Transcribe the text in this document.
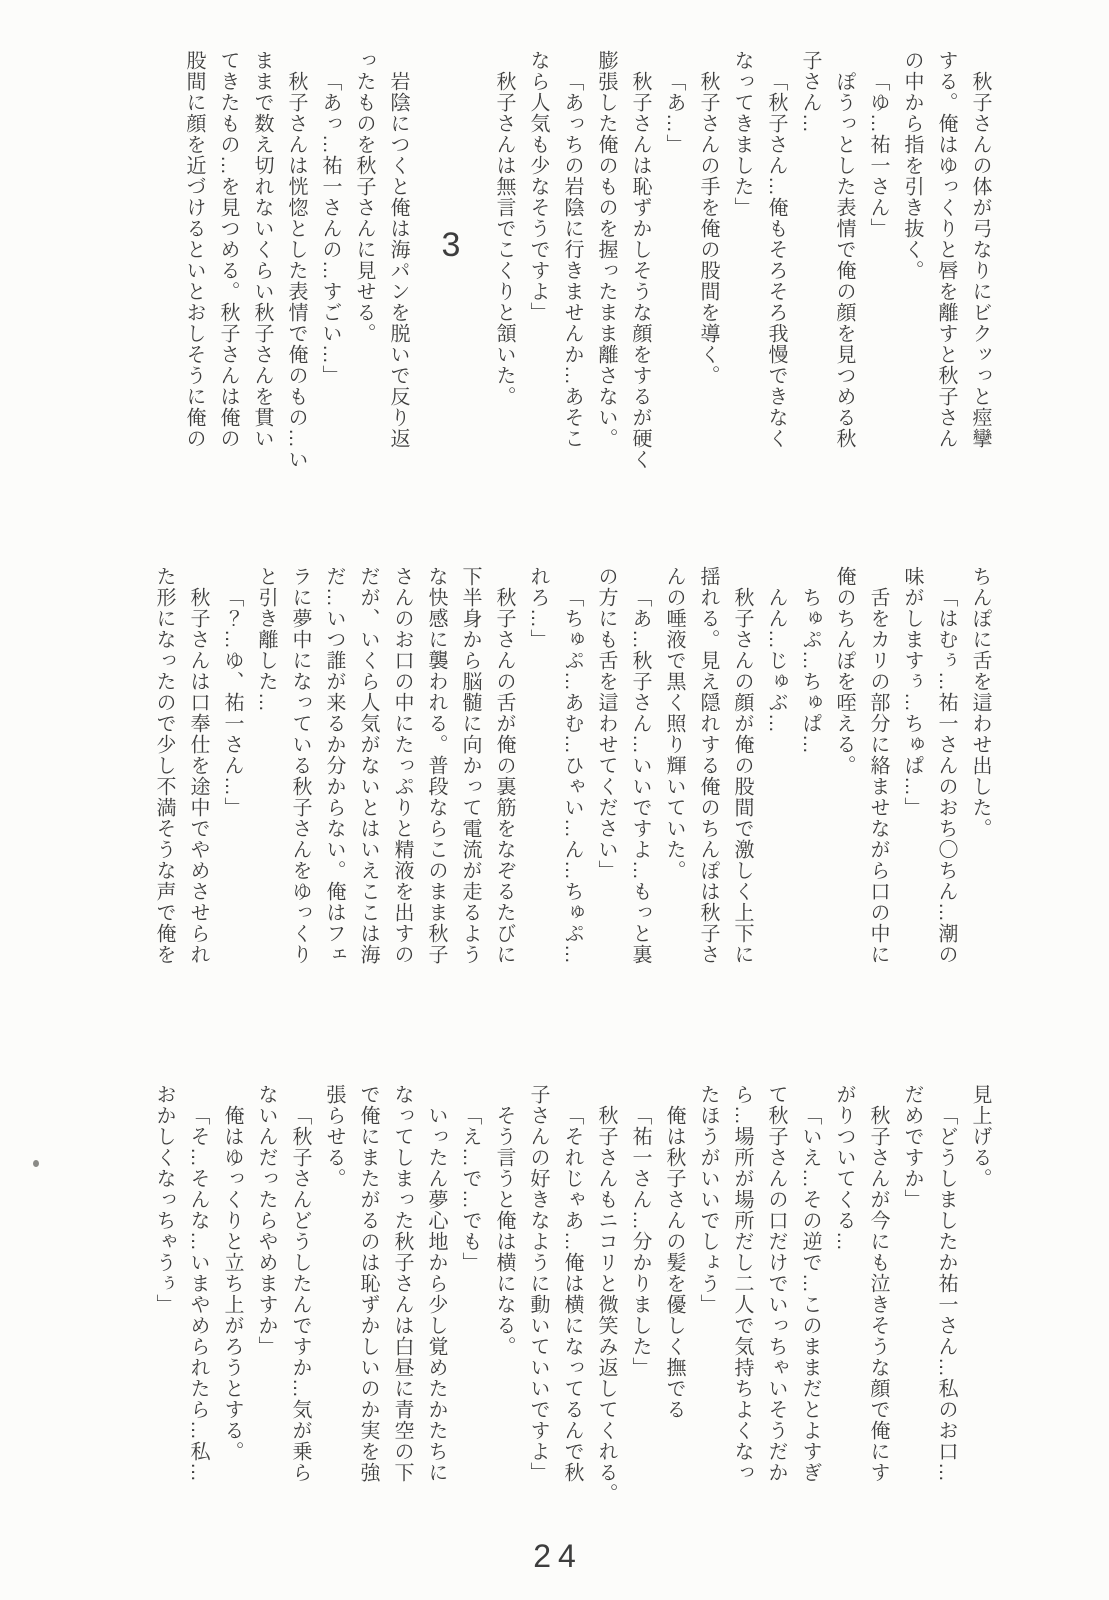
秋子さんの体が弓なりにビクッっと痙攣
する。俺はゆっくりと唇を離すと秋子さん
の中から指を引き抜く。
「ゆ…祐一さん」
ぽうっとした表情で俺の顔を見つめる秋
子さん…
「秋子さん…俺もそろそろ我慢できなく
なってきました」
秋子さんの手を俺の股間を導く。
「あ…」
秋子さんは恥ずかしそうな顔をするが硬く
膨張した俺のものを握ったまま離さない。
「あっちの岩陰に行きませんか…あそこ
なら人気も少なそうですよ」
秋子さんは無言でこくりと頷いた。
3
岩陰につくと俺は海パンを脱いで反り返
ったものを秋子さんに見せる。
「あっ…祐一さんの…すごい…」
秋子さんは恍惚とした表情で俺のもの…い
ままで数え切れないくらい秋子さんを貫い
てきたもの…を見つめる。秋子さんは俺の
股間に顔を近づけるといとおしそうに俺の
ちんぽに舌を這わせ出した。
「はむぅ…祐一さんのおち〇ちん…潮の
味がしますぅ…ちゅぱ…」
舌をカリの部分に絡ませながら口の中に
俺のちんぽを咥える。
ちゅぷ…ちゅぱ…
んん…じゅぶ…
秋子さんの顔が俺の股間で激しく上下に
揺れる。見え隠れする俺のちんぽは秋子さ
んの唾液で黒く照り輝いていた。
「あ…秋子さん…いいですよ…もっと裏
の方にも舌を這わせてください」
「ちゅぷ…あむ…ひゃい…ん…ちゅぷ…
れろ…」
秋子さんの舌が俺の裏筋をなぞるたびに
下半身から脳髄に向かって電流が走るよう
な快感に襲われる。普段ならこのまま秋子
さんのお口の中にたっぷりと精液を出すの
だが、いくら人気がないとはいえここは海
だ…いつ誰が来るか分からない。俺はフェ
ラに夢中になっている秋子さんをゆっくり
と引き離した…
「？…ゆ、祐一さん…」
秋子さんは口奉仕を途中でやめさせられ
た形になったので少し不満そうな声で俺を
見上げる。
「どうしましたか祐一さん…私のお口…
だめですか」
秋子さんが今にも泣きそうな顔で俺にす
がりついてくる…
「いえ…その逆で…このままだとよすぎ
て秋子さんの口だけでいっちゃいそうだか
ら…場所が場所だし二人で気持ちよくなっ
たほうがいいでしょう」
俺は秋子さんの髪を優しく撫でる
「祐一さん…分かりました」
秋子さんもニコリと微笑み返してくれる。
「それじゃあ…俺は横になってるんで秋
子さんの好きなように動いていいですよ」
そう言うと俺は横になる。
「え…で…でも」
いったん夢心地から少し覚めたかたちに
なってしまった秋子さんは白昼に青空の下
で俺にまたがるのは恥ずかしいのか実を強
張らせる。
「秋子さんどうしたんですか…気が乗ら
ないんだったらやめますか」
俺はゆっくりと立ち上がろうとする。
「そ…そんな…いまやめられたら…私…
おかしくなっちゃうぅ」
24
